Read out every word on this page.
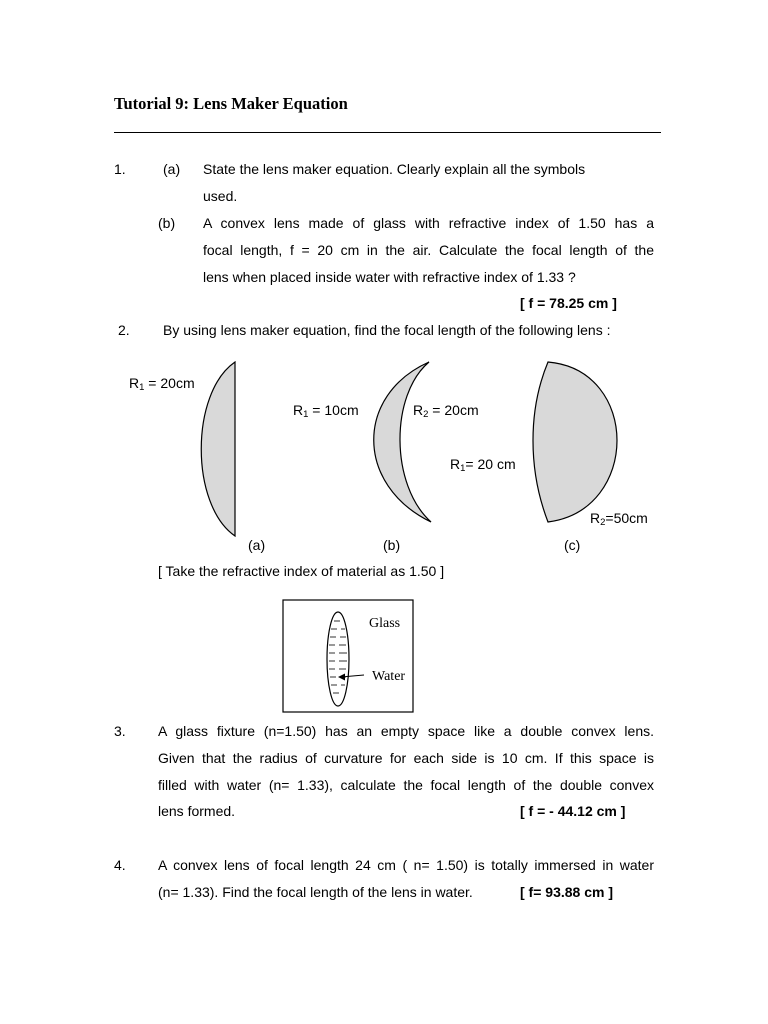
Tutorial 9: Lens Maker Equation
1.	(a) State the lens maker equation. Clearly explain all the symbols
used.
(b) A convex lens made of glass with refractive index of 1.50 has a
focal length, f = 20 cm in the air. Calculate the focal length of the
lens when placed inside water with refractive index of 1.33 ?
[ f = 78.25 cm ]
2. By using lens maker equation, find the focal length of the following lens :
$R_1 = 20cm$
(a)
$R_1 = 10cm$	$R_2 = 20cm$
(b)
$R_1= 20$ cm
$R_2=50cm$
(c)
[ Take the refractive index of material as 1.50 ]
Glass
Water
3. A glass fixture (n=1.50) has an empty space like a double convex lens.
Given that the radius of curvature for each side is 10 cm. If this space is
filled with water (n= 1.33), calculate the focal length of the double convex
lens formed.	[ f = - 44.12 cm ]
4. A convex lens of focal length 24 cm ( n= 1.50) is totally immersed in water
(n= 1.33). Find the focal length of the lens in water.	[ f= 93.88 cm ]
